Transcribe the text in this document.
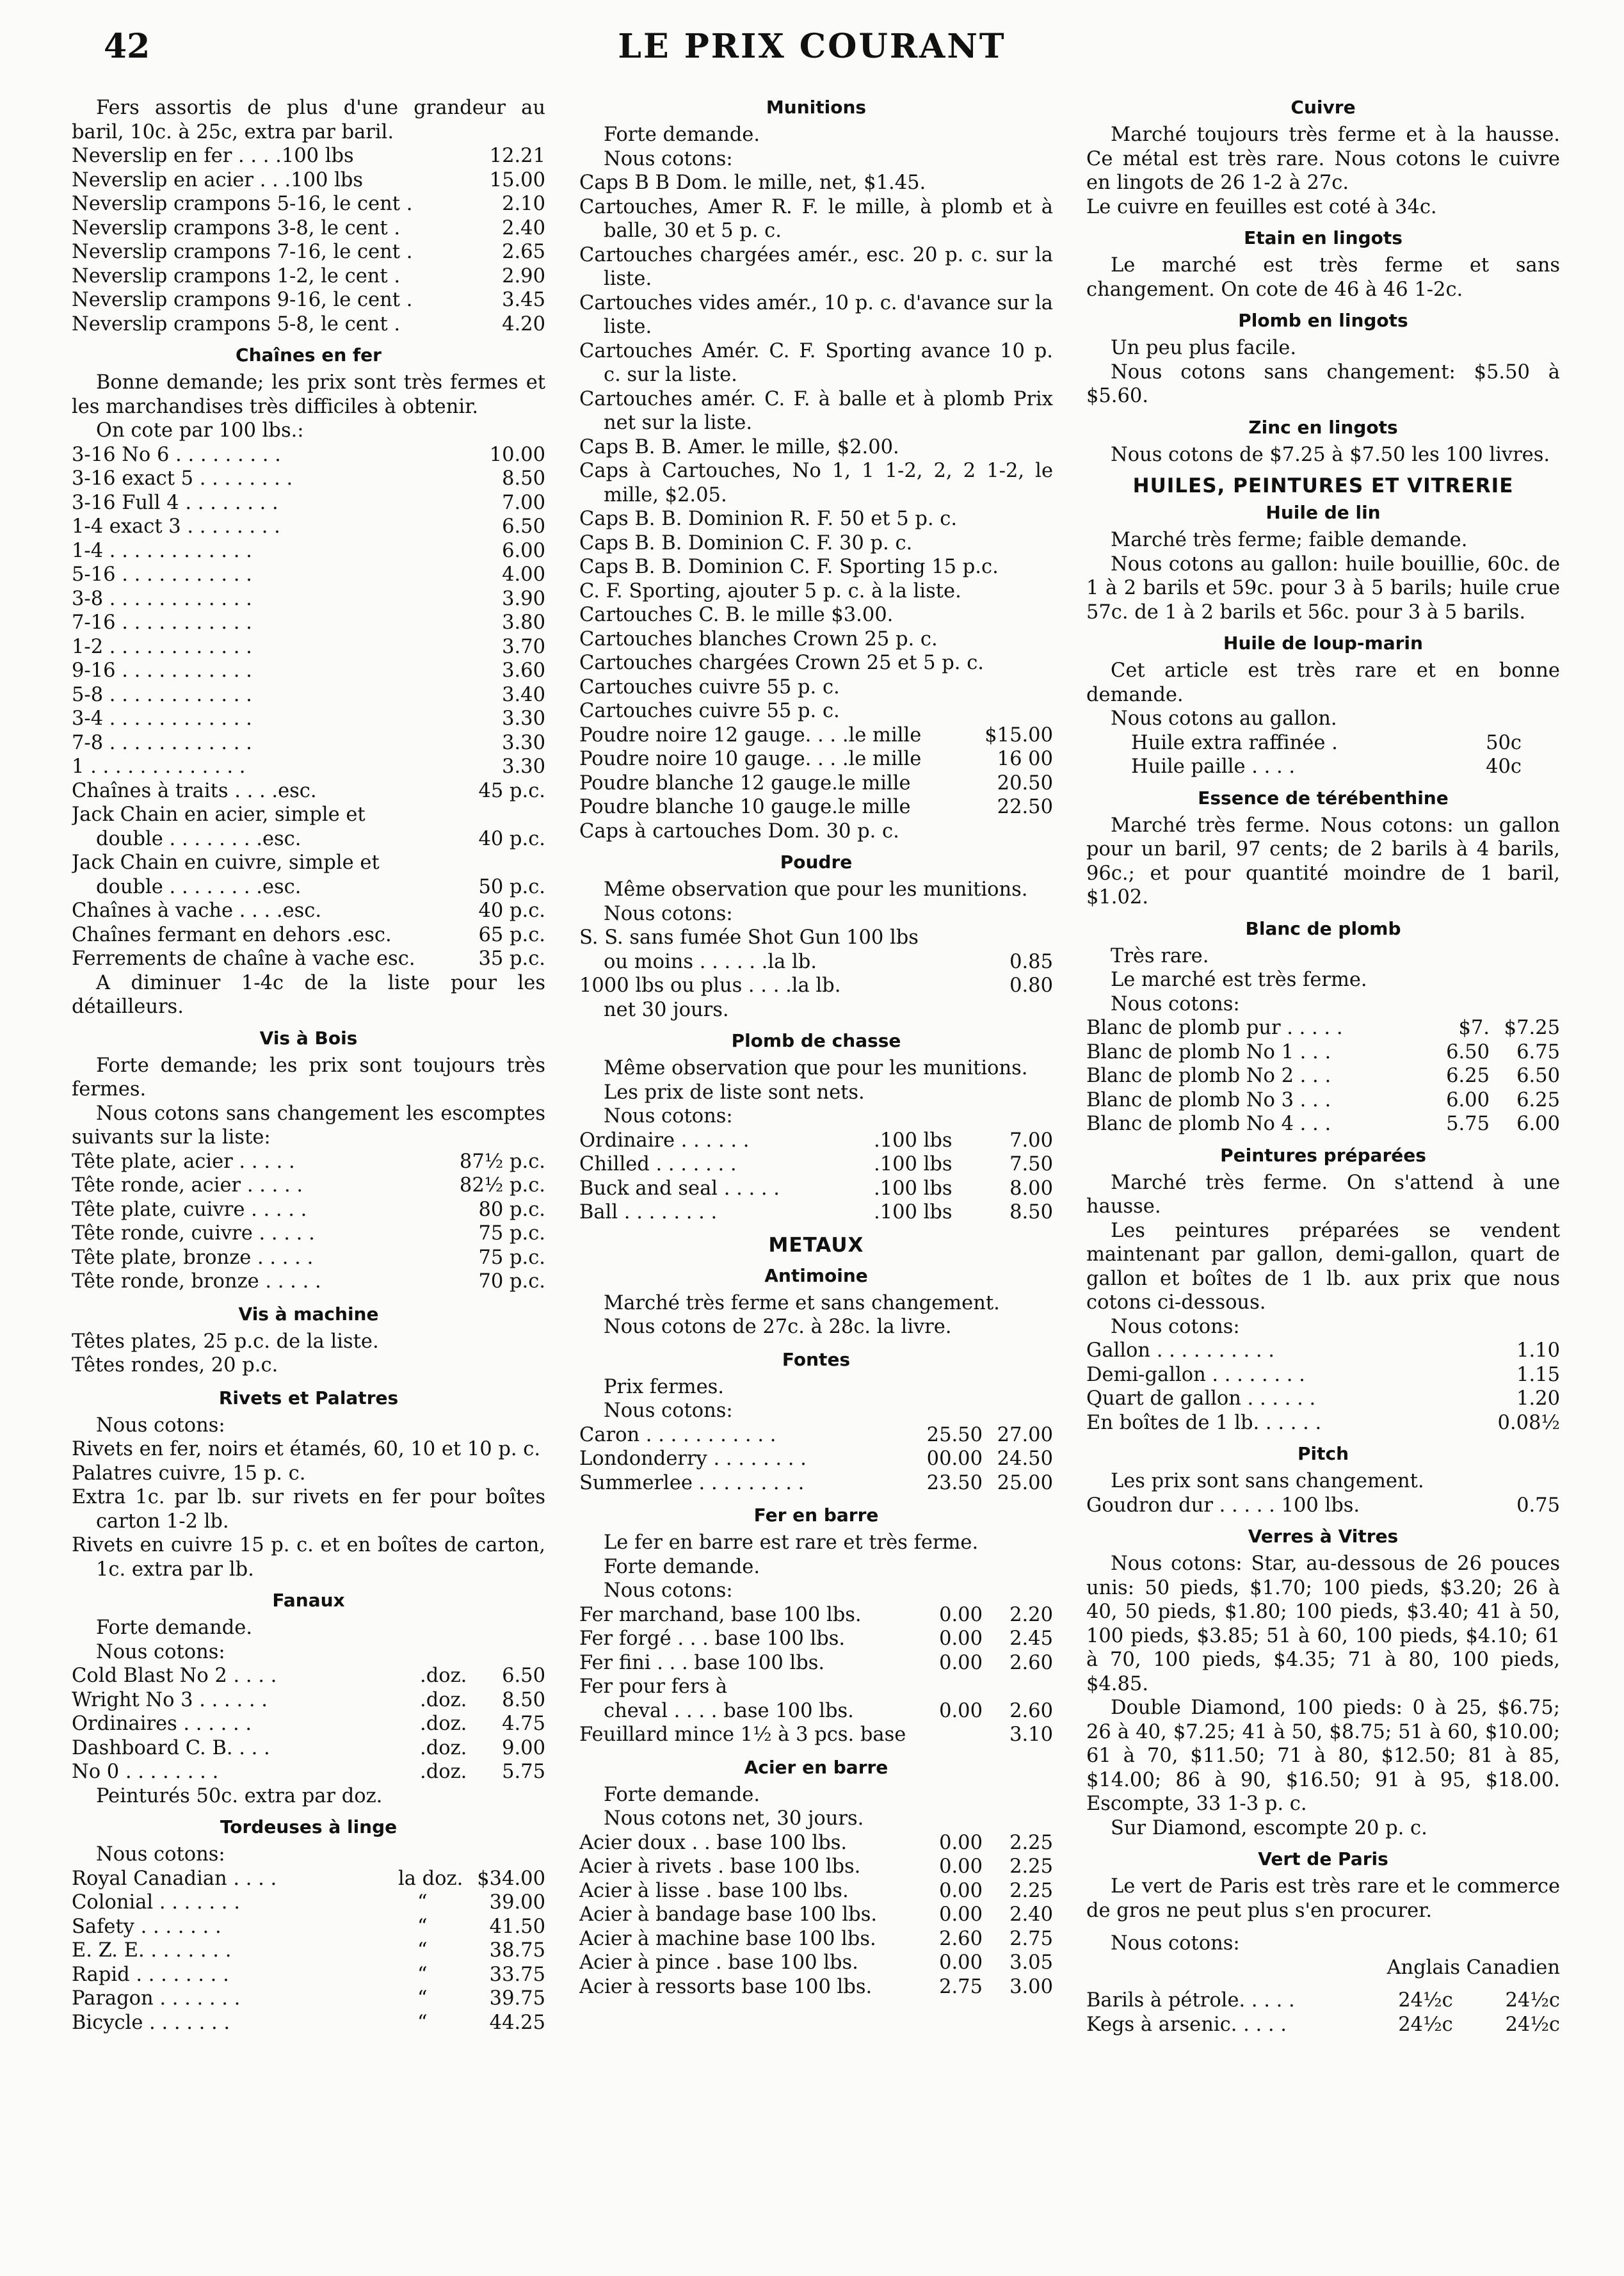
42	LE PRIX COURANT

Fers assortis de plus d'une grandeur au baril, 10c. à 25c, extra par baril.

Neverslip en fer . . . .100 lbs	12.21
Neverslip en acier . . .100 lbs	15.00
Neverslip crampons 5-16, le cent .	2.10
Neverslip crampons 3-8, le cent .	2.40
Neverslip crampons 7-16, le cent .	2.65
Neverslip crampons 1-2, le cent .	2.90
Neverslip crampons 9-16, le cent .	3.45
Neverslip crampons 5-8, le cent .	4.20
Chaînes en fer

Bonne demande; les prix sont très fermes et les marchandises très difficiles à obtenir.

On cote par 100 lbs.:

3-16 No 6 . . . . . . . . .	10.00
3-16 exact 5 . . . . . . . .	8.50
3-16 Full 4 . . . . . . . .	7.00
1-4 exact 3 . . . . . . . .	6.50
1-4 . . . . . . . . . . . .	6.00
5-16 . . . . . . . . . . .	4.00
3-8 . . . . . . . . . . . .	3.90
7-16 . . . . . . . . . . .	3.80
1-2 . . . . . . . . . . . .	3.70
9-16 . . . . . . . . . . .	3.60
5-8 . . . . . . . . . . . .	3.40
3-4 . . . . . . . . . . . .	3.30
7-8 . . . . . . . . . . . .	3.30
1 . . . . . . . . . . . . .	3.30
Chaînes à traits . . . .esc.	45 p.c.
Jack Chain en acier, simple et
double . . . . . . . .esc.	40 p.c.
Jack Chain en cuivre, simple et
double . . . . . . . .esc.	50 p.c.
Chaînes à vache . . . .esc.	40 p.c.
Chaînes fermant en dehors .esc.	65 p.c.
Ferrements de chaîne à vache esc.	35 p.c.

A diminuer 1-4c de la liste pour les détailleurs.

Vis à Bois

Forte demande; les prix sont toujours très fermes.

Nous cotons sans changement les escomptes suivants sur la liste:

Tête plate, acier . . . . .	87½ p.c.
Tête ronde, acier . . . . .	82½ p.c.
Tête plate, cuivre . . . . .	80 p.c.
Tête ronde, cuivre . . . . .	75 p.c.
Tête plate, bronze . . . . .	75 p.c.
Tête ronde, bronze . . . . .	70 p.c.
Vis à machine

Têtes plates, 25 p.c. de la liste.

Têtes rondes, 20 p.c.

Rivets et Palatres

Nous cotons:

Rivets en fer, noirs et étamés, 60, 10 et 10 p. c.

Palatres cuivre, 15 p. c.

Extra 1c. par lb. sur rivets en fer pour boîtes carton 1-2 lb.

Rivets en cuivre 15 p. c. et en boîtes de carton, 1c. extra par lb.

Fanaux

Forte demande.

Nous cotons:

Cold Blast No 2 . . . .	.doz.	6.50
Wright No 3 . . . . . .	.doz.	8.50
Ordinaires . . . . . .	.doz.	4.75
Dashboard C. B. . . .	.doz.	9.00
No 0 . . . . . . . .	.doz.	5.75

Peinturés 50c. extra par doz.

Tordeuses à linge

Nous cotons:

Royal Canadian . . . .	la doz. $34.00
Colonial . . . . . . .	“	39.00
Safety . . . . . . .	“	41.50
E. Z. E. . . . . . . .	“	38.75
Rapid . . . . . . . .	“	33.75
Paragon . . . . . . .	“	39.75
Bicycle . . . . . . .	“	44.25
Munitions

Forte demande.

Nous cotons:

Caps B B Dom. le mille, net, $1.45.

Cartouches, Amer R. F. le mille, à plomb et à balle, 30 et 5 p. c.

Cartouches chargées amér., esc. 20 p. c. sur la liste.

Cartouches vides amér., 10 p. c. d'avance sur la liste.

Cartouches Amér. C. F. Sporting avance 10 p. c. sur la liste.

Cartouches amér. C. F. à balle et à plomb Prix net sur la liste.

Caps B. B. Amer. le mille, $2.00.

Caps à Cartouches, No 1, 1 1-2, 2, 2 1-2, le mille, $2.05.

Caps B. B. Dominion R. F. 50 et 5 p. c.

Caps B. B. Dominion C. F. 30 p. c.

Caps B. B. Dominion C. F. Sporting 15 p.c.

C. F. Sporting, ajouter 5 p. c. à la liste.

Cartouches C. B. le mille $3.00.

Cartouches blanches Crown 25 p. c.

Cartouches chargées Crown 25 et 5 p. c.

Cartouches cuivre 55 p. c.

Cartouches cuivre 55 p. c.

Poudre noire 12 gauge. . . .le mille	$15.00
Poudre noire 10 gauge. . . .le mille	16 00
Poudre blanche 12 gauge.le mille	20.50
Poudre blanche 10 gauge.le mille	22.50

Caps à cartouches Dom. 30 p. c.

Poudre

Même observation que pour les munitions.

Nous cotons:

S. S. sans fumée Shot Gun 100 lbs
ou moins . . . . . .la lb.	0.85
1000 lbs ou plus . . . .la lb.	0.80

net 30 jours.

Plomb de chasse

Même observation que pour les munitions.

Les prix de liste sont nets.

Nous cotons:

Ordinaire . . . . . .	.100 lbs	7.00
Chilled . . . . . . .	.100 lbs	7.50
Buck and seal . . . . .	.100 lbs	8.00
Ball . . . . . . . .	.100 lbs	8.50
METAUX
Antimoine

Marché très ferme et sans changement.

Nous cotons de 27c. à 28c. la livre.

Fontes

Prix fermes.

Nous cotons:

Caron . . . . . . . . . . .	25.50 27.00
Londonderry . . . . . . . .	00.00 24.50
Summerlee . . . . . . . . .	23.50 25.00
Fer en barre

Le fer en barre est rare et très ferme.

Forte demande.

Nous cotons:

Fer marchand, base 100 lbs.	0.00	2.20
Fer forgé . . . base 100 lbs.	0.00	2.45
Fer fini . . . base 100 lbs.	0.00	2.60
Fer pour fers à
cheval . . . . base 100 lbs.	0.00	2.60
Feuillard mince 1½ à 3 pcs. base	3.10
Acier en barre

Forte demande.

Nous cotons net, 30 jours.

Acier doux . . base 100 lbs.	0.00	2.25
Acier à rivets . base 100 lbs.	0.00	2.25
Acier à lisse . base 100 lbs.	0.00	2.25
Acier à bandage base 100 lbs.	0.00	2.40
Acier à machine base 100 lbs.	2.60	2.75
Acier à pince . base 100 lbs.	0.00	3.05
Acier à ressorts base 100 lbs.	2.75	3.00
Cuivre

Marché toujours très ferme et à la hausse. Ce métal est très rare. Nous cotons le cuivre en lingots de 26 1-2 à 27c.

Le cuivre en feuilles est coté à 34c.

Etain en lingots

Le marché est très ferme et sans changement. On cote de 46 à 46 1-2c.

Plomb en lingots

Un peu plus facile.

Nous cotons sans changement: $5.50 à $5.60.

Zinc en lingots

Nous cotons de $7.25 à $7.50 les 100 livres.

HUILES, PEINTURES ET VITRERIE
Huile de lin

Marché très ferme; faible demande.

Nous cotons au gallon: huile bouillie, 60c. de 1 à 2 barils et 59c. pour 3 à 5 barils; huile crue 57c. de 1 à 2 barils et 56c. pour 3 à 5 barils.

Huile de loup-marin

Cet article est très rare et en bonne demande.

Nous cotons au gallon.

Huile extra raffinée .	50c
Huile paille . . . .	40c
Essence de térébenthine

Marché très ferme. Nous cotons: un gallon pour un baril, 97 cents; de 2 barils à 4 barils, 96c.; et pour quantité moindre de 1 baril, $1.02.

Blanc de plomb

Très rare.

Le marché est très ferme.

Nous cotons:

Blanc de plomb pur . . . . .	$7. $7.25
Blanc de plomb No 1 . . .	6.50	6.75
Blanc de plomb No 2 . . .	6.25	6.50
Blanc de plomb No 3 . . .	6.00	6.25
Blanc de plomb No 4 . . .	5.75	6.00
Peintures préparées

Marché très ferme. On s'attend à une hausse.

Les peintures préparées se vendent maintenant par gallon, demi-gallon, quart de gallon et boîtes de 1 lb. aux prix que nous cotons ci-dessous.

Nous cotons:

Gallon . . . . . . . . . .	1.10
Demi-gallon . . . . . . . .	1.15
Quart de gallon . . . . . .	1.20
En boîtes de 1 lb. . . . . .	0.08½
Pitch

Les prix sont sans changement.

Goudron dur . . . . . 100 lbs.	0.75
Verres à Vitres

Nous cotons: Star, au-dessous de 26 pouces unis: 50 pieds, $1.70; 100 pieds, $3.20; 26 à 40, 50 pieds, $1.80; 100 pieds, $3.40; 41 à 50, 100 pieds, $3.85; 51 à 60, 100 pieds, $4.10; 61 à 70, 100 pieds, $4.35; 71 à 80, 100 pieds, $4.85.

Double Diamond, 100 pieds: 0 à 25, $6.75; 26 à 40, $7.25; 41 à 50, $8.75; 51 à 60, $10.00; 61 à 70, $11.50; 71 à 80, $12.50; 81 à 85, $14.00; 86 à 90, $16.50; 91 à 95, $18.00. Escompte, 33 1-3 p. c.

Sur Diamond, escompte 20 p. c.

Vert de Paris

Le vert de Paris est très rare et le commerce de gros ne peut plus s'en procurer.

Nous cotons:

Anglais Canadien
Barils à pétrole. . . . .	24½c	24½c
Kegs à arsenic. . . . .	24½c	24½c
